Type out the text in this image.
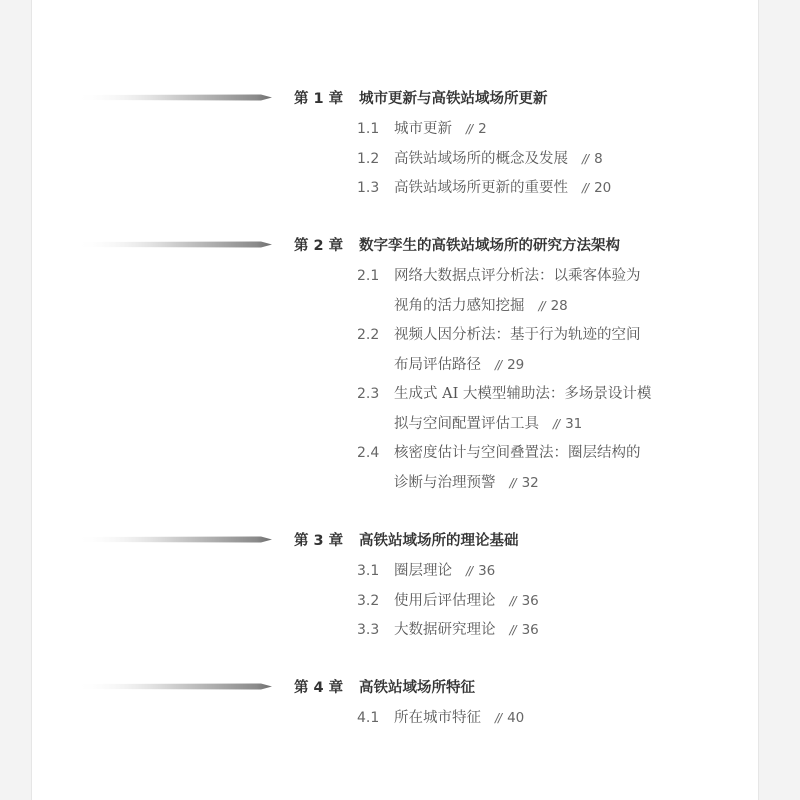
第 1 章 城市更新与高铁站域场所更新
1.1 城市更新 // 2
1.2 高铁站域场所的概念及发展 // 8
1.3 高铁站域场所更新的重要性 // 20
第 2 章 数字孪生的高铁站域场所的研究方法架构
2.1 网络大数据点评分析法：以乘客体验为
视角的活力感知挖掘 // 28
2.2 视频人因分析法：基于行为轨迹的空间
布局评估路径 // 29
2.3 生成式 AI 大模型辅助法：多场景设计模
拟与空间配置评估工具 // 31
2.4 核密度估计与空间叠置法：圈层结构的
诊断与治理预警 // 32
第 3 章 高铁站域场所的理论基础
3.1 圈层理论 // 36
3.2 使用后评估理论 // 36
3.3 大数据研究理论 // 36
第 4 章 高铁站域场所特征
4.1 所在城市特征 // 40
